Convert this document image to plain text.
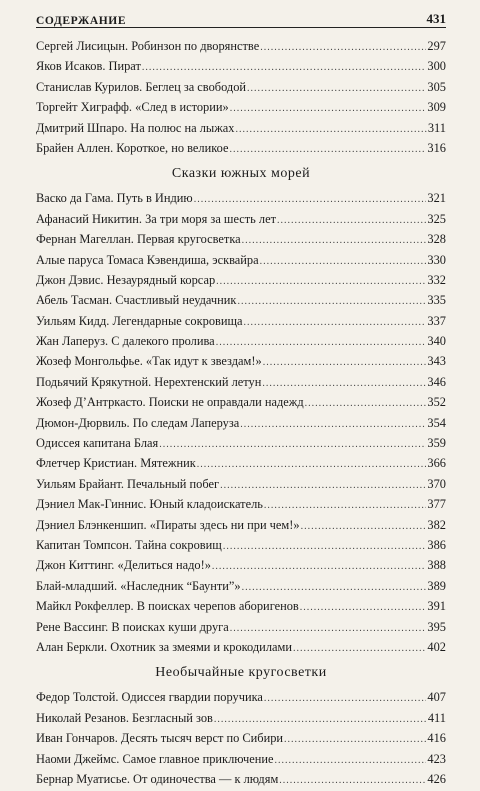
СОДЕРЖАНИЕ	431
Сергей Лисицын. Робинзон по дворянстве .....	297
Яков Исаков. Пират .....	300
Станислав Курилов. Беглец за свободой .....	305
Торгейт Хиграфф. «След в истории» .....	309
Дмитрий Шпаро. На полюс на лыжах .....	311
Брайен Аллен. Короткое, но великое .....	316
Сказки южных морей
Васко да Гама. Путь в Индию .....	321
Афанасий Никитин. За три моря за шесть лет .....	325
Фернан Магеллан. Первая кругосветка .....	328
Алые паруса Томаса Кэвендиша, эсквайра .....	330
Джон Дэвис. Незаурядный корсар .....	332
Абель Тасман. Счастливый неудачник .....	335
Уильям Кидд. Легендарные сокровища .....	337
Жан Лаперуз. С далекого пролива .....	340
Жозеф Монгольфье. «Так идут к звездам!» .....	343
Подьячий Крякутной. Нерехтенский летун .....	346
Жозеф Д’Антркасто. Поиски не оправдали надежд .....	352
Дюмон-Дюрвиль. По следам Лаперуза .....	354
Одиссея капитана Блая .....	359
Флетчер Кристиан. Мятежник .....	366
Уильям Брайант. Печальный побег .....	370
Дэниел Мак-Гиннис. Юный кладоискатель .....	377
Дэниел Блэнкеншип. «Пираты здесь ни при чем!» .....	382
Капитан Томпсон. Тайна сокровищ .....	386
Джон Киттинг. «Делиться надо!» .....	388
Блай-младший. «Наследник “Баунти”» .....	389
Майкл Рокфеллер. В поисках черепов аборигенов .....	391
Рене Вассинг. В поисках куши друга .....	395
Алан Беркли. Охотник за змеями и крокодилами .....	402
Необычайные кругосветки
Федор Толстой. Одиссея гвардии поручика .....	407
Николай Резанов. Безгласный зов .....	411
Иван Гончаров. Десять тысяч верст по Сибири .....	416
Наоми Джеймс. Самое главное приключение .....	423
Бернар Муатисье. От одиночества — к людям .....	426
